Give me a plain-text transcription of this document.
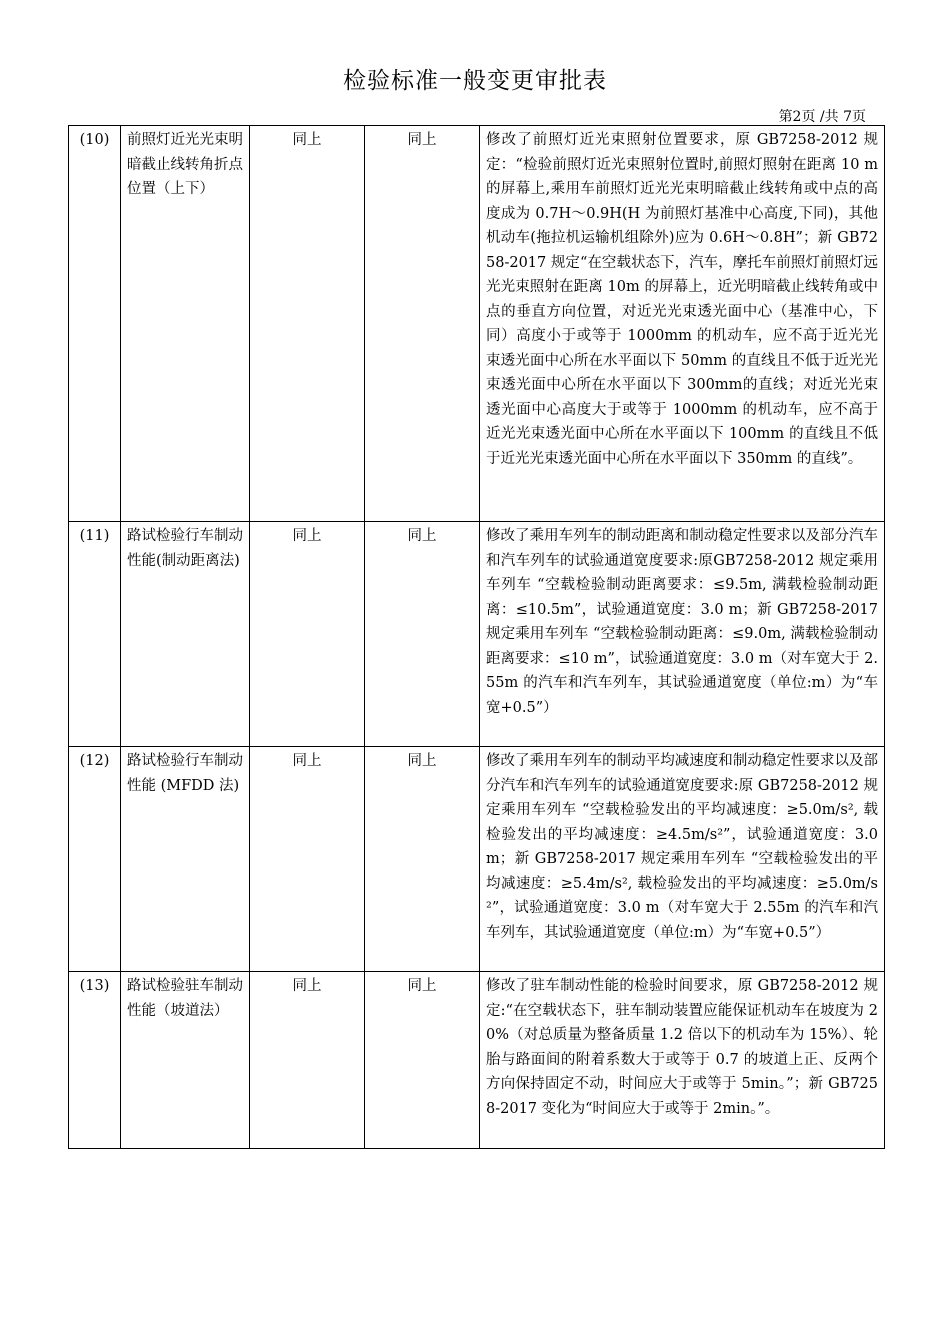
检验标准一般变更审批表
第2页 /共 7页
(10)	前照灯近光光束明暗截止线转角折点位置（上下）	同上	同上	修改了前照灯近光束照射位置要求，原 GB7258-2012 规定：“检验前照灯近光束照射位置时,前照灯照射在距离 10 m的屏幕上,乘用车前照灯近光光束明暗截止线转角或中点的高度成为 0.7H～0.9H(H 为前照灯基准中心高度,下同)，其他机动车(拖拉机运输机组除外)应为 0.6H～0.8H”；新 GB7258-2017 规定“在空载状态下，汽车，摩托车前照灯前照灯远光光束照射在距离 10m 的屏幕上，近光明暗截止线转角或中点的垂直方向位置，对近光光束透光面中心（基准中心，下同）高度小于或等于 1000mm 的机动车，应不高于近光光束透光面中心所在水平面以下 50mm 的直线且不低于近光光束透光面中心所在水平面以下 300mm的直线；对近光光束透光面中心高度大于或等于 1000mm 的机动车，应不高于近光光束透光面中心所在水平面以下 100mm 的直线且不低于近光光束透光面中心所在水平面以下 350mm 的直线”。
(11)	路试检验行车制动性能(制动距离法)	同上	同上	修改了乘用车列车的制动距离和制动稳定性要求以及部分汽车和汽车列车的试验通道宽度要求:原GB7258-2012 规定乘用车列车 “空载检验制动距离要求：≤9.5m, 满载检验制动距离：≤10.5m”，试验通道宽度：3.0 m；新 GB7258-2017 规定乘用车列车 “空载检验制动距离：≤9.0m, 满载检验制动距离要求：≤10 m”，试验通道宽度：3.0 m（对车宽大于 2.55m 的汽车和汽车列车，其试验通道宽度（单位:m）为“车宽+0.5”）
(12)	路试检验行车制动性能 (MFDD 法)	同上	同上	修改了乘用车列车的制动平均减速度和制动稳定性要求以及部分汽车和汽车列车的试验通道宽度要求:原 GB7258-2012 规定乘用车列车 “空载检验发出的平均减速度：≥5.0m/s², 载检验发出的平均减速度：≥4.5m/s²”，试验通道宽度：3.0 m；新 GB7258-2017 规定乘用车列车 “空载检验发出的平均减速度：≥5.4m/s², 载检验发出的平均减速度：≥5.0m/s²”，试验通道宽度：3.0 m（对车宽大于 2.55m 的汽车和汽车列车，其试验通道宽度（单位:m）为“车宽+0.5”）
(13)	路试检验驻车制动性能（坡道法）	同上	同上	修改了驻车制动性能的检验时间要求，原 GB7258-2012 规定:“在空载状态下，驻车制动装置应能保证机动车在坡度为 20%（对总质量为整备质量 1.2 倍以下的机动车为 15%）、轮胎与路面间的附着系数大于或等于 0.7 的坡道上正、反两个方向保持固定不动，时间应大于或等于 5min。”；新 GB7258-2017 变化为“时间应大于或等于 2min。”。
